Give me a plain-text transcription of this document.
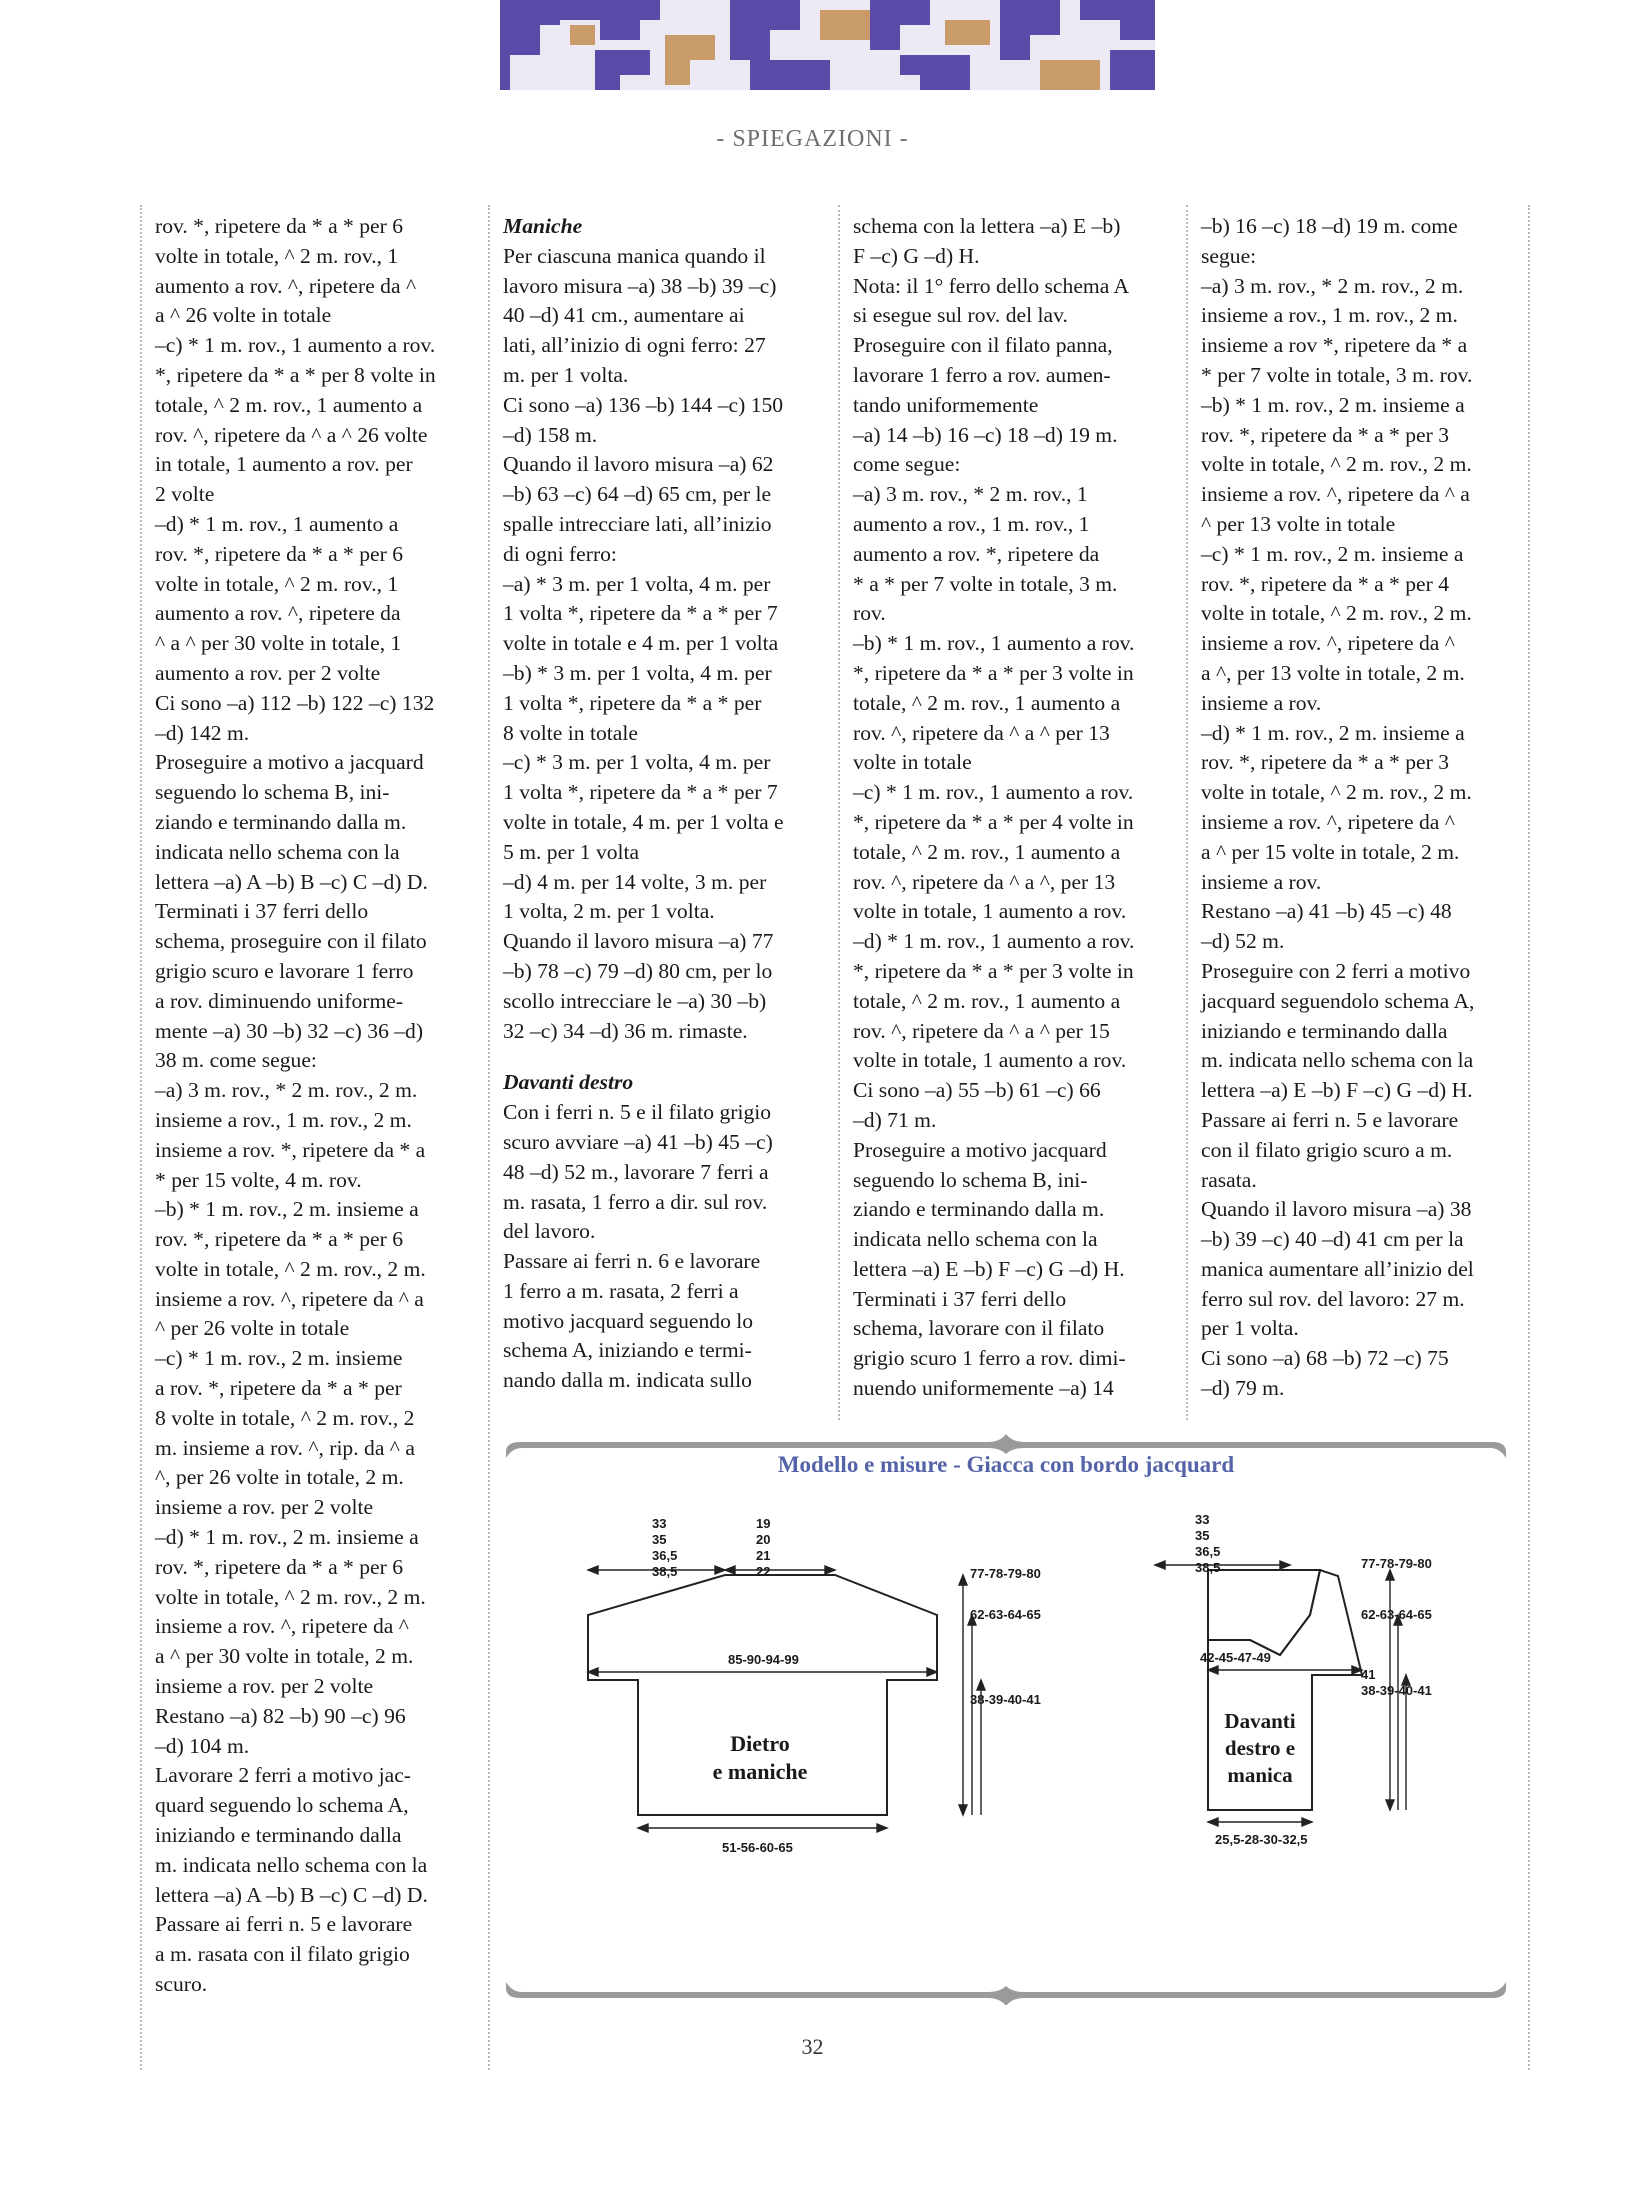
- SPIEGAZIONI -

rov. *, ripetere da * a * per 6

volte in totale, ^ 2 m. rov., 1

aumento a rov. ^, ripetere da ^

a ^ 26 volte in totale

–c) * 1 m. rov., 1 aumento a rov.

*, ripetere da * a * per 8 volte in

totale, ^ 2 m. rov., 1 aumento a

rov. ^, ripetere da ^ a ^ 26 volte

in totale, 1 aumento a rov. per

2 volte

–d) * 1 m. rov., 1 aumento a

rov. *, ripetere da * a * per 6

volte in totale, ^ 2 m. rov., 1

aumento a rov. ^, ripetere da

^ a ^ per 30 volte in totale, 1

aumento a rov. per 2 volte

Ci sono –a) 112 –b) 122 –c) 132

–d) 142 m.

Proseguire a motivo a jacquard

seguendo lo schema B, ini-

ziando e terminando dalla m.

indicata nello schema con la

lettera –a) A –b) B –c) C –d) D.

Terminati i 37 ferri dello

schema, proseguire con il filato

grigio scuro e lavorare 1 ferro

a rov. diminuendo uniforme-

mente –a) 30 –b) 32 –c) 36 –d)

38 m. come segue:

–a) 3 m. rov., * 2 m. rov., 2 m.

insieme a rov., 1 m. rov., 2 m.

insieme a rov. *, ripetere da * a

* per 15 volte, 4 m. rov.

–b) * 1 m. rov., 2 m. insieme a

rov. *, ripetere da * a * per 6

volte in totale, ^ 2 m. rov., 2 m.

insieme a rov. ^, ripetere da ^ a

^ per 26 volte in totale

–c) * 1 m. rov., 2 m. insieme

a rov. *, ripetere da * a * per

8 volte in totale, ^ 2 m. rov., 2

m. insieme a rov. ^, rip. da ^ a

^, per 26 volte in totale, 2 m.

insieme a rov. per 2 volte

–d) * 1 m. rov., 2 m. insieme a

rov. *, ripetere da * a * per 6

volte in totale, ^ 2 m. rov., 2 m.

insieme a rov. ^, ripetere da ^

a ^ per 30 volte in totale, 2 m.

insieme a rov. per 2 volte

Restano –a) 82 –b) 90 –c) 96

–d) 104 m.

Lavorare 2 ferri a motivo jac-

quard seguendo lo schema A,

iniziando e terminando dalla

m. indicata nello schema con la

lettera –a) A –b) B –c) C –d) D.

Passare ai ferri n. 5 e lavorare

a m. rasata con il filato grigio

scuro.

Maniche

Per ciascuna manica quando il

lavoro misura –a) 38 –b) 39 –c)

40 –d) 41 cm., aumentare ai

lati, all’inizio di ogni ferro: 27

m. per 1 volta.

Ci sono –a) 136 –b) 144 –c) 150

–d) 158 m.

Quando il lavoro misura –a) 62

–b) 63 –c) 64 –d) 65 cm, per le

spalle intrecciare lati, all’inizio

di ogni ferro:

–a) * 3 m. per 1 volta, 4 m. per

1 volta *, ripetere da * a * per 7

volte in totale e 4 m. per 1 volta

–b) * 3 m. per 1 volta, 4 m. per

1 volta *, ripetere da * a * per

8 volte in totale

–c) * 3 m. per 1 volta, 4 m. per

1 volta *, ripetere da * a * per 7

volte in totale, 4 m. per 1 volta e

5 m. per 1 volta

–d) 4 m. per 14 volte, 3 m. per

1 volta, 2 m. per 1 volta.

Quando il lavoro misura –a) 77

–b) 78 –c) 79 –d) 80 cm, per lo

scollo intrecciare le –a) 30 –b)

32 –c) 34 –d) 36 m. rimaste.

Davanti destro

Con i ferri n. 5 e il filato grigio

scuro avviare –a) 41 –b) 45 –c)

48 –d) 52 m., lavorare 7 ferri a

m. rasata, 1 ferro a dir. sul rov.

del lavoro.

Passare ai ferri n. 6 e lavorare

1 ferro a m. rasata, 2 ferri a

motivo jacquard seguendo lo

schema A, iniziando e termi-

nando dalla m. indicata sullo

schema con la lettera –a) E –b)

F –c) G –d) H.

Nota: il 1° ferro dello schema A

si esegue sul rov. del lav.

Proseguire con il filato panna,

lavorare 1 ferro a rov. aumen-

tando uniformemente

–a) 14 –b) 16 –c) 18 –d) 19 m.

come segue:

–a) 3 m. rov., * 2 m. rov., 1

aumento a rov., 1 m. rov., 1

aumento a rov. *, ripetere da

* a * per 7 volte in totale, 3 m.

rov.

–b) * 1 m. rov., 1 aumento a rov.

*, ripetere da * a * per 3 volte in

totale, ^ 2 m. rov., 1 aumento a

rov. ^, ripetere da ^ a ^ per 13

volte in totale

–c) * 1 m. rov., 1 aumento a rov.

*, ripetere da * a * per 4 volte in

totale, ^ 2 m. rov., 1 aumento a

rov. ^, ripetere da ^ a ^, per 13

volte in totale, 1 aumento a rov.

–d) * 1 m. rov., 1 aumento a rov.

*, ripetere da * a * per 3 volte in

totale, ^ 2 m. rov., 1 aumento a

rov. ^, ripetere da ^ a ^ per 15

volte in totale, 1 aumento a rov.

Ci sono –a) 55 –b) 61 –c) 66

–d) 71 m.

Proseguire a motivo jacquard

seguendo lo schema B, ini-

ziando e terminando dalla m.

indicata nello schema con la

lettera –a) E –b) F –c) G –d) H.

Terminati i 37 ferri dello

schema, lavorare con il filato

grigio scuro 1 ferro a rov. dimi-

nuendo uniformemente –a) 14

–b) 16 –c) 18 –d) 19 m. come

segue:

–a) 3 m. rov., * 2 m. rov., 2 m.

insieme a rov., 1 m. rov., 2 m.

insieme a rov *, ripetere da * a

* per 7 volte in totale, 3 m. rov.

–b) * 1 m. rov., 2 m. insieme a

rov. *, ripetere da * a * per 3

volte in totale, ^ 2 m. rov., 2 m.

insieme a rov. ^, ripetere da ^ a

^ per 13 volte in totale

–c) * 1 m. rov., 2 m. insieme a

rov. *, ripetere da * a * per 4

volte in totale, ^ 2 m. rov., 2 m.

insieme a rov. ^, ripetere da ^

a ^, per 13 volte in totale, 2 m.

insieme a rov.

–d) * 1 m. rov., 2 m. insieme a

rov. *, ripetere da * a * per 3

volte in totale, ^ 2 m. rov., 2 m.

insieme a rov. ^, ripetere da ^

a ^ per 15 volte in totale, 2 m.

insieme a rov.

Restano –a) 41 –b) 45 –c) 48

–d) 52 m.

Proseguire con 2 ferri a motivo

jacquard seguendolo schema A,

iniziando e terminando dalla

m. indicata nello schema con la

lettera –a) E –b) F –c) G –d) H.

Passare ai ferri n. 5 e lavorare

con il filato grigio scuro a m.

rasata.

Quando il lavoro misura –a) 38

–b) 39 –c) 40 –d) 41 cm per la

manica aumentare all’inizio del

ferro sul rov. del lavoro: 27 m.

per 1 volta.

Ci sono –a) 68 –b) 72 –c) 75

–d) 79 m.

Modello e misure - Giacca con bordo jacquard
33
35
36,5
38,5
19
20
21
22	77-78-79-80
62-63-64-65
85-90-94-99
38-39-40-41
51-56-60-65
Dietro
e maniche
33
35
36,5
38,5	77-78-79-80
62-63-64-65
42-45-47-49
41
38-39-40-41
25,5-28-30-32,5
Davanti
destro e
manica
32
